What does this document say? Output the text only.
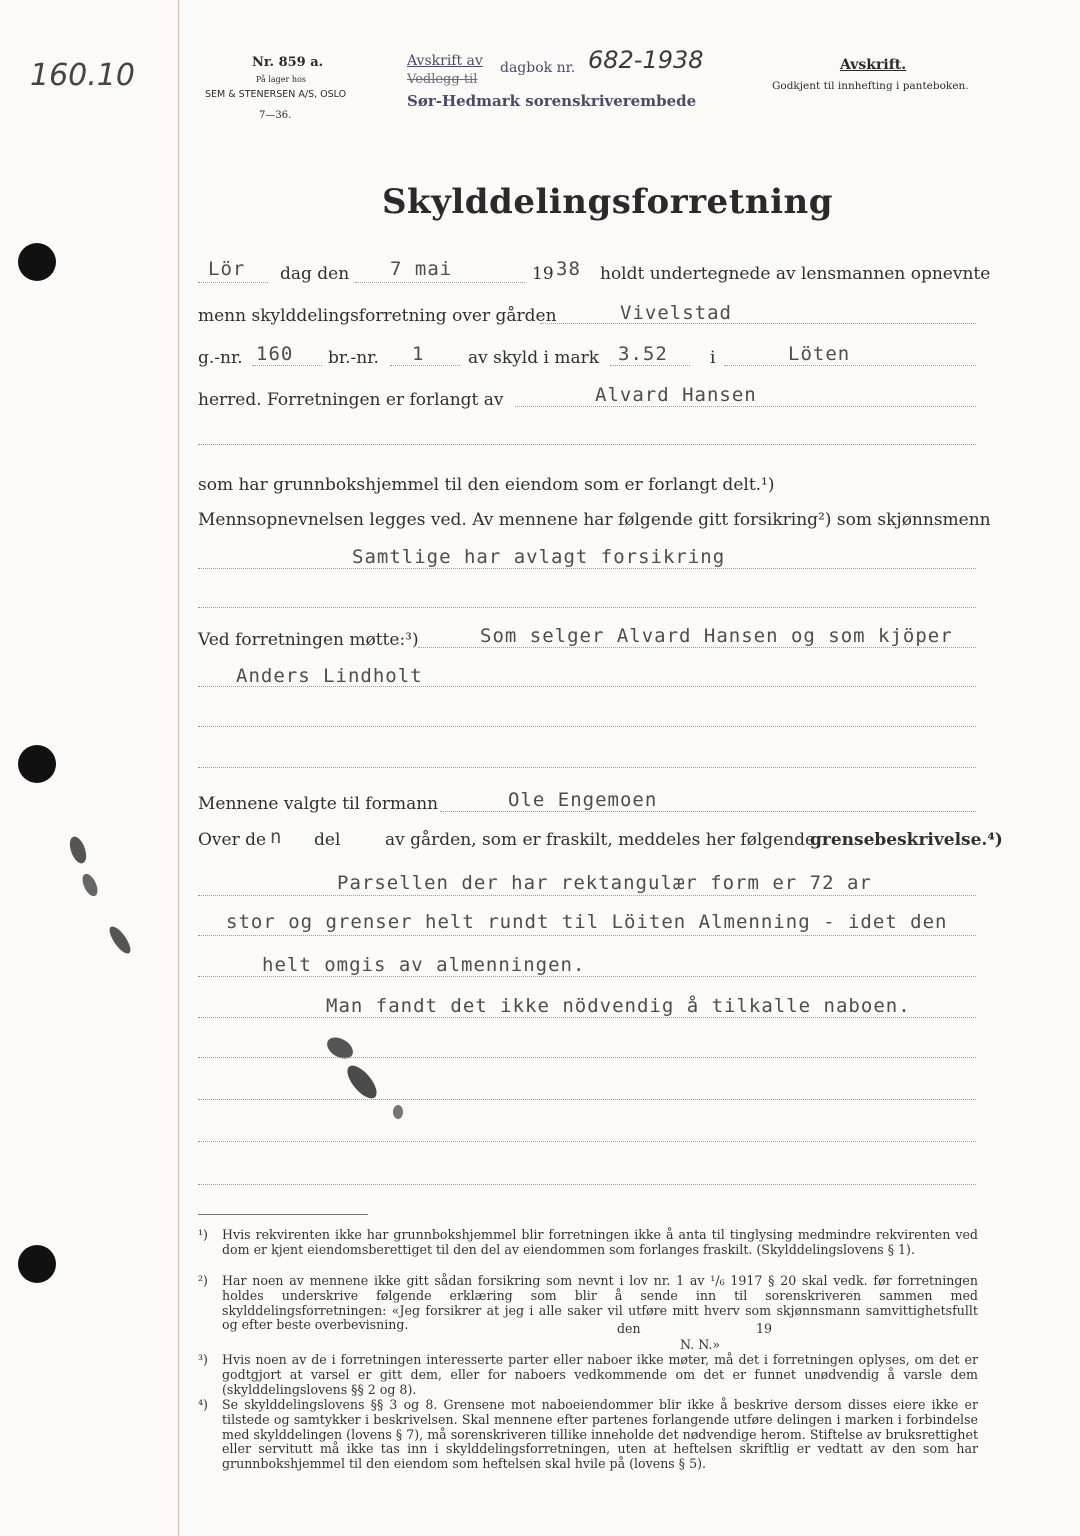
160.10	Nr. 859 a.
På lager hos
SEM & STENERSEN A/S, OSLO
7—36.
Avskrift av dagbok nr. 682-1938
Vedlegg til
Sør-Hedmark sorenskriverembede
Avskrift.
Godkjent til innhefting i panteboken.
Skylddelingsforretning
Lör dag den 7 mai	19 38 holdt undertegnede av lensmannen opnevnte
menn skylddelingsforretning over gården	Vivelstad
g.-nr. 160 br.-nr. 1	av skyld i mark 3.52 i	Löten
herred. Forretningen er forlangt av	Alvard Hansen
som har grunnbokshjemmel til den eiendom som er forlangt delt.¹)
Mennsopnevnelsen legges ved. Av mennene har følgende gitt forsikring²) som skjønnsmenn
Samtlige har avlagt forsikring
Ved forretningen møtte:³)	Som selger Alvard Hansen og som kjöper
Anders Lindholt
Mennene valgte til formann	Ole Engemoen
Over de n del	av gården, som er fraskilt, meddeles her følgende
grensebeskrivelse.⁴)
Parsellen der har rektangulær form er 72 ar
stor og grenser helt rundt til Löiten Almenning - idet den
helt omgis av almenningen.
Man fandt det ikke nödvendig å tilkalle naboen.
¹) Hvis rekvirenten ikke har grunnbokshjemmel blir forretningen ikke å anta til tinglysing medmindre rekvirenten ved dom er kjent eiendomsberettiget til den del av eiendommen som forlanges fraskilt. (Skylddelingslovens § 1).
²) Har noen av mennene ikke gitt sådan forsikring som nevnt i lov nr. 1 av ¹/₆ 1917 § 20 skal vedk. før forretningen holdes underskrive følgende erklæring som blir å sende inn til sorenskriveren sammen med skylddelingsforretningen: «Jeg forsikrer at jeg i alle saker vil utføre mitt hverv som skjønnsmann samvittighetsfullt og efter beste overbevisning.	den	19
N. N.»
³) Hvis noen av de i forretningen interesserte parter eller naboer ikke møter, må det i forretningen oplyses, om det er godtgjort at varsel er gitt dem, eller for naboers vedkommende om det er funnet unødvendig å varsle dem (skylddelingslovens §§ 2 og 8).
⁴) Se skylddelingslovens §§ 3 og 8. Grensene mot naboeiendommer blir ikke å beskrive dersom disses eiere ikke er tilstede og samtykker i beskrivelsen. Skal mennene efter partenes forlangende utføre delingen i marken i forbindelse med skylddelingen (lovens § 7), må sorenskriveren tillike inneholde det nødvendige herom. Stiftelse av bruksrettighet eller servitutt må ikke tas inn i skylddelingsforretningen, uten at heftelsen skriftlig er vedtatt av den som har grunnbokshjemmel til den eiendom som heftelsen skal hvile på (lovens § 5).
